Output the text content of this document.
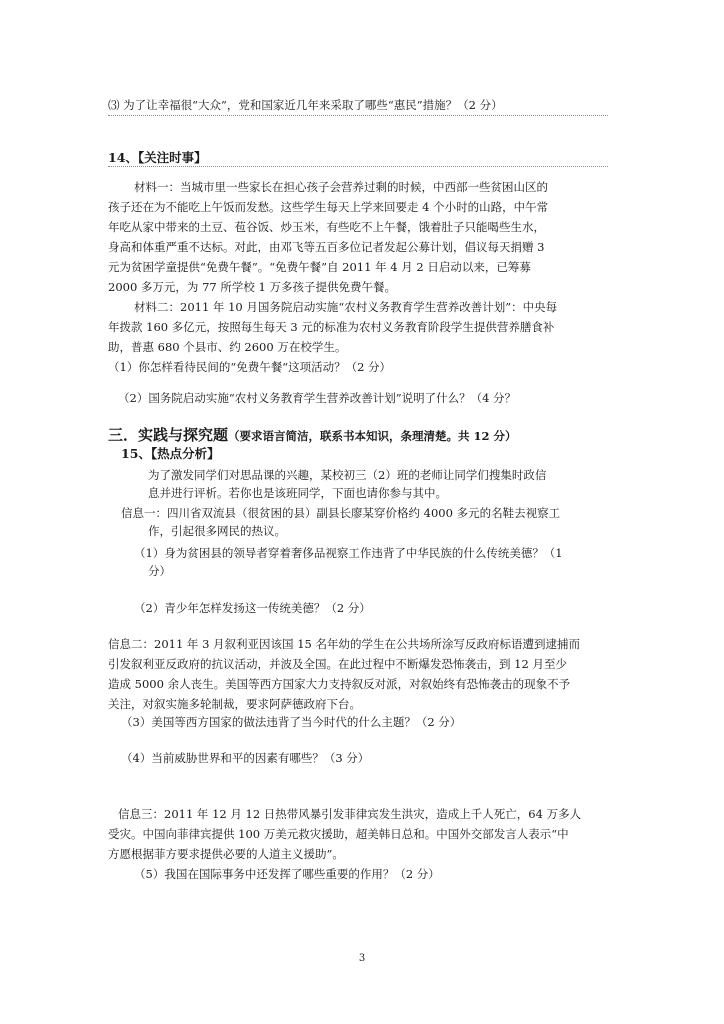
⑶ 为了让幸福很“大众”，党和国家近几年来采取了哪些“惠民”措施？（2 分）
14、【关注时事】
材料一：当城市里一些家长在担心孩子会营养过剩的时候，中西部一些贫困山区的
孩子还在为不能吃上午饭而发愁。这些学生每天上学来回要走 4 个小时的山路，中午常
年吃从家中带来的土豆、苞谷饭、炒玉米，有些吃不上午餐，饿着肚子只能喝些生水，
身高和体重严重不达标。对此，由邓飞等五百多位记者发起公募计划，倡议每天捐赠 3
元为贫困学童提供“免费午餐”。“免费午餐”自 2011 年 4 月 2 日启动以来，已筹募
2000 多万元，为 77 所学校 1 万多孩子提供免费午餐。
材料二：2011 年 10 月国务院启动实施“农村义务教育学生营养改善计划”：中央每
年拨款 160 多亿元，按照每生每天 3 元的标准为农村义务教育阶段学生提供营养膳食补
助，普惠 680 个县市、约 2600 万在校学生。
（1）你怎样看待民间的“免费午餐“这项活动？（2 分）
（2）国务院启动实施“农村义务教育学生营养改善计划”说明了什么？（4 分？
三．实践与探究题（要求语言简洁，联系书本知识，条理清楚。共 12 分）
15、【热点分析】
为了激发同学们对思品课的兴趣，某校初三（2）班的老师让同学们搜集时政信
息并进行评析。若你也是该班同学，下面也请你参与其中。
信息一：四川省双流县（很贫困的县）副县长廖某穿价格约 4000 多元的名鞋去视察工
作，引起很多网民的热议。
（1）身为贫困县的领导者穿着奢侈品视察工作违背了中华民族的什么传统美德？（1
分）
（2）青少年怎样发扬这一传统美德？（2 分）
信息二：2011 年 3 月叙利亚因该国 15 名年幼的学生在公共场所涂写反政府标语遭到逮捕而
引发叙利亚反政府的抗议活动，并波及全国。在此过程中不断爆发恐怖袭击，到 12 月至少
造成 5000 余人丧生。美国等西方国家大力支持叙反对派，对叙始终有恐怖袭击的现象不予
关注，对叙实施多轮制裁，要求阿萨德政府下台。
（3）美国等西方国家的做法违背了当今时代的什么主题？（2 分）
（4）当前威胁世界和平的因素有哪些？（3 分）
信息三：2011 年 12 月 12 日热带风暴引发菲律宾发生洪灾，造成上千人死亡，64 万多人
受灾。中国向菲律宾提供 100 万美元救灾援助，超美韩日总和。中国外交部发言人表示“中
方愿根据菲方要求提供必要的人道主义援助”。
（5）我国在国际事务中还发挥了哪些重要的作用？（2 分）
3
